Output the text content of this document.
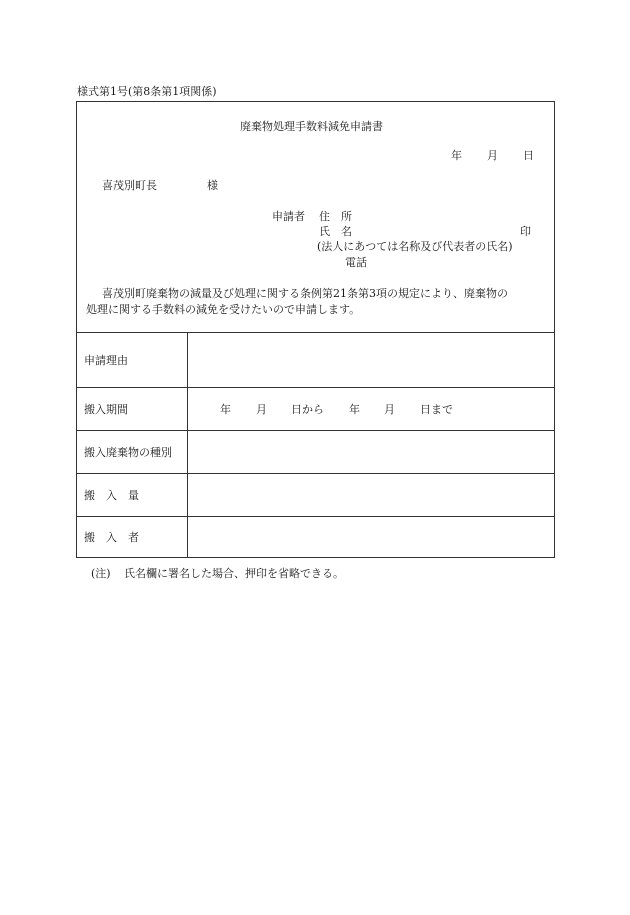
様式第1号(第8条第1項関係)
廃棄物処理手数料減免申請書
年 月 日
喜茂別町長	様
申請者 住　所
氏　名	印
(法人にあつては名称及び代表者の氏名)
電話
喜茂別町廃棄物の減量及び処理に関する条例第21条第3項の規定により、廃棄物の
処理に関する手数料の減免を受けたいので申請します。
申請理由
搬入期間
搬入廃棄物の種別
搬　入　量
搬　入　者
年 月 日から 年 月 日まで
(注) 氏名欄に署名した場合、押印を省略できる。
